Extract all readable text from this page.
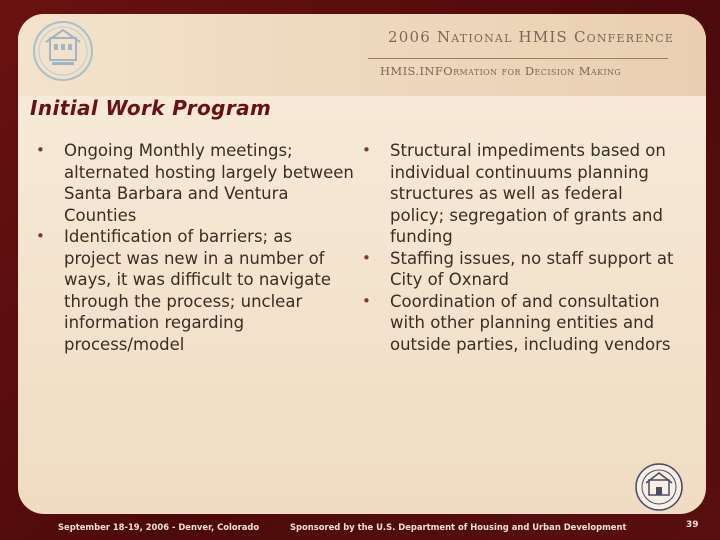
2006 National HMIS Conference
HMIS.INFOrmation for Decision Making
Initial Work Program
• Ongoing Monthly meetings; alternated hosting largely between Santa Barbara and Ventura Counties
• Identification of barriers; as project was new in a number of ways, it was difficult to navigate through the process; unclear information regarding process/model
• Structural impediments based on individual continuums planning structures as well as federal policy; segregation of grants and funding
• Staffing issues, no staff support at City of Oxnard
• Coordination of and consultation with other planning entities and outside parties, including vendors
September 18-19, 2006 - Denver, Colorado	Sponsored by the U.S. Department of Housing and Urban Development	39
